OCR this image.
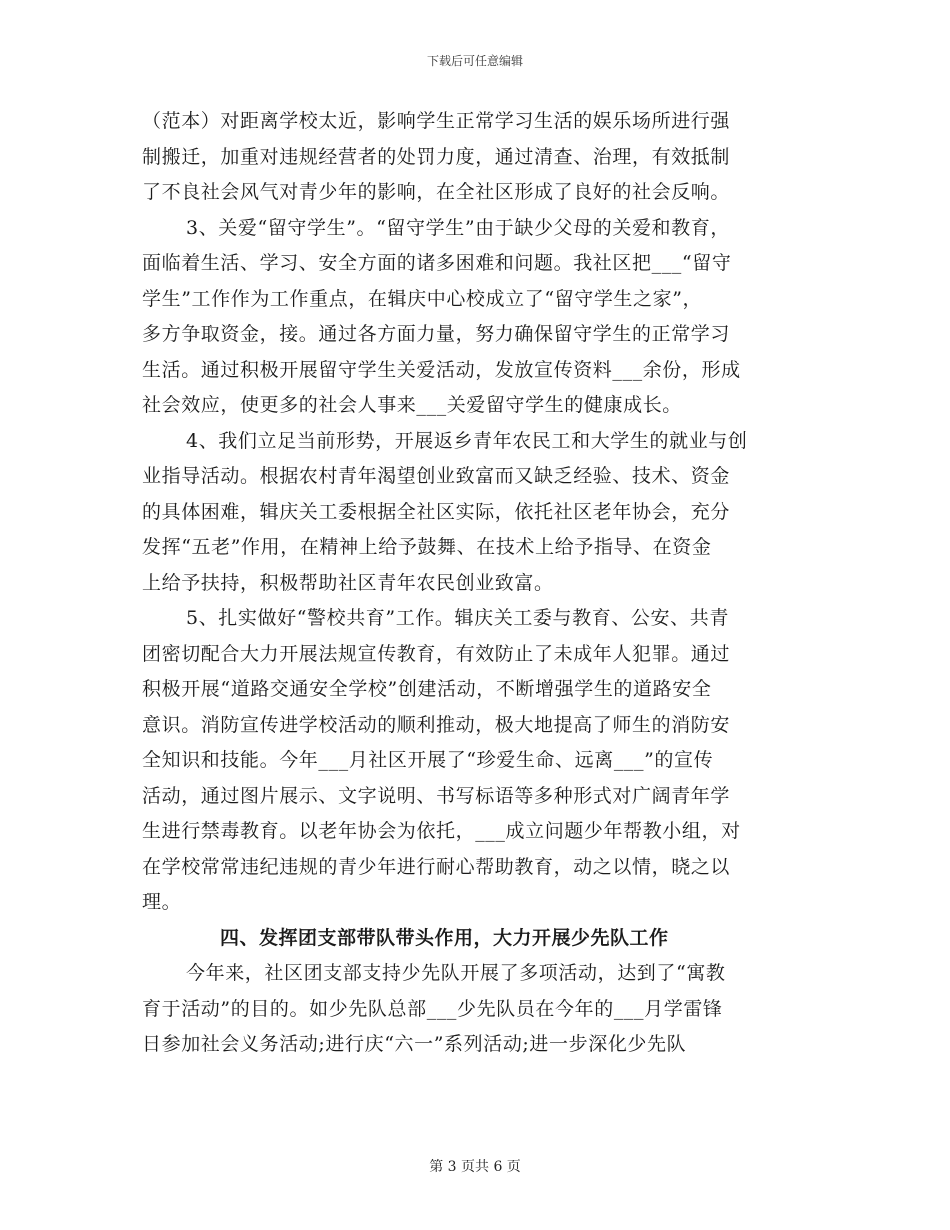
下载后可任意编辑
（范本）对距离学校太近，影响学生正常学习生活的娱乐场所进行强
制搬迁，加重对违规经营者的处罚力度，通过清查、治理，有效抵制
了不良社会风气对青少年的影响，在全社区形成了良好的社会反响。
3、关爱“留守学生”。“留守学生”由于缺少父母的关爱和教育，
面临着生活、学习、安全方面的诸多困难和问题。我社区把___“留守
学生”工作作为工作重点，在辑庆中心校成立了“留守学生之家”，
多方争取资金，接。通过各方面力量，努力确保留守学生的正常学习
生活。通过积极开展留守学生关爱活动，发放宣传资料___余份，形成
社会效应，使更多的社会人事来___关爱留守学生的健康成长。
4、我们立足当前形势，开展返乡青年农民工和大学生的就业与创
业指导活动。根据农村青年渴望创业致富而又缺乏经验、技术、资金
的具体困难，辑庆关工委根据全社区实际，依托社区老年协会，充分
发挥“五老”作用，在精神上给予鼓舞、在技术上给予指导、在资金
上给予扶持，积极帮助社区青年农民创业致富。
5、扎实做好“警校共育”工作。辑庆关工委与教育、公安、共青
团密切配合大力开展法规宣传教育，有效防止了未成年人犯罪。通过
积极开展“道路交通安全学校”创建活动，不断增强学生的道路安全
意识。消防宣传进学校活动的顺利推动，极大地提高了师生的消防安
全知识和技能。今年___月社区开展了“珍爱生命、远离___”的宣传
活动，通过图片展示、文字说明、书写标语等多种形式对广阔青年学
生进行禁毒教育。以老年协会为依托，___成立问题少年帮教小组，对
在学校常常违纪违规的青少年进行耐心帮助教育，动之以情，晓之以
理。
四、发挥团支部带队带头作用，大力开展少先队工作
今年来，社区团支部支持少先队开展了多项活动，达到了“寓教
育于活动”的目的。如少先队总部___少先队员在今年的___月学雷锋
日参加社会义务活动;进行庆“六一”系列活动;进一步深化少先队
第 3 页共 6 页
